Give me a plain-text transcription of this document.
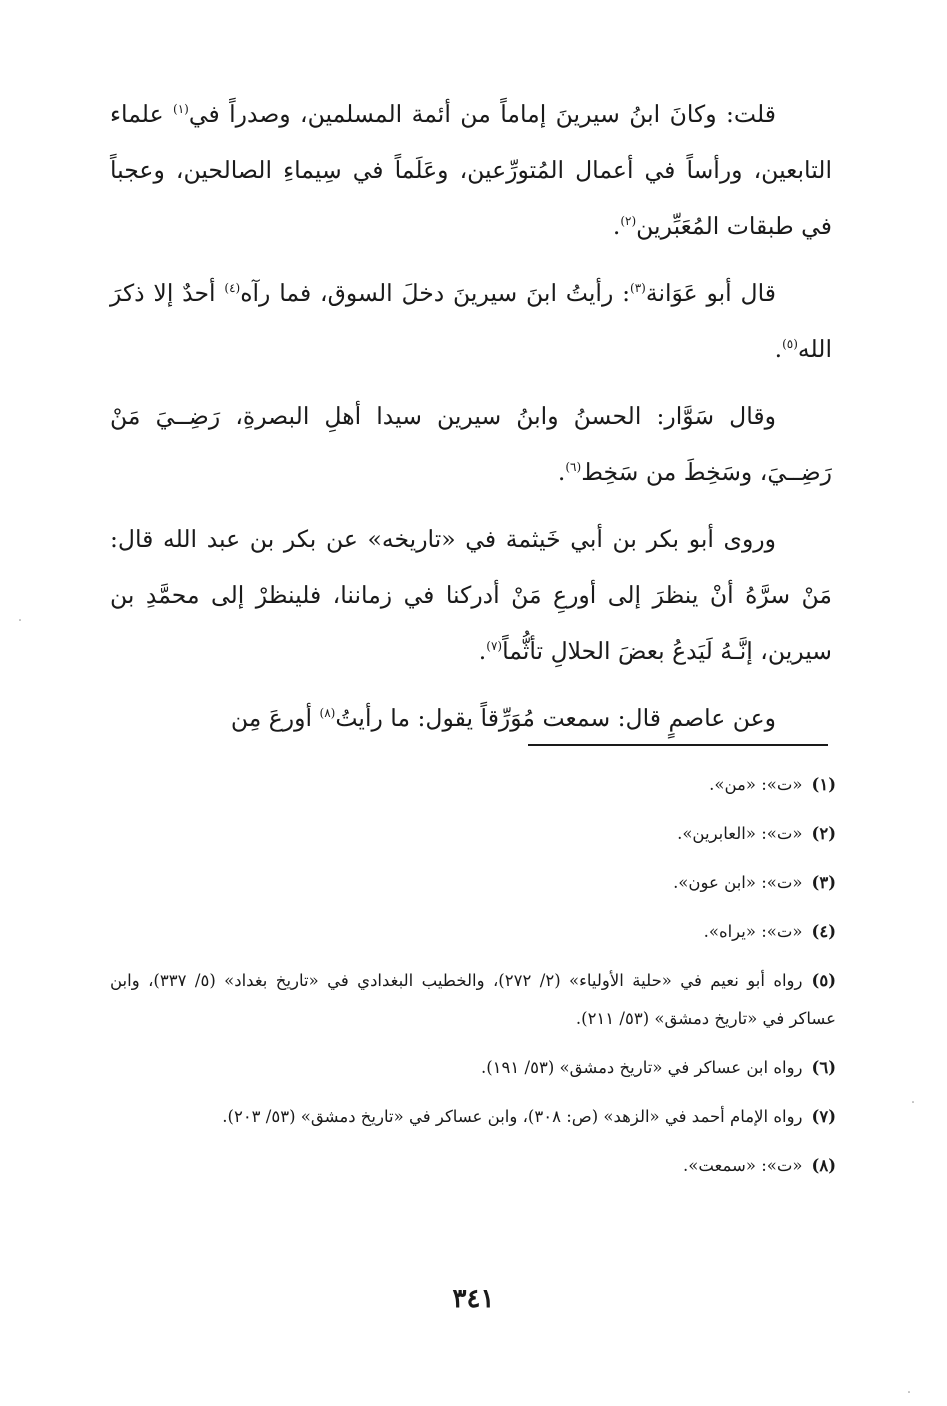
قلت: وكانَ ابنُ سيرينَ إماماً من أئمة المسلمين، وصدراً في$^{(١)}$ علماء التابعين، ورأساً في أعمال المُتورِّعين، وعَلَماً في سِيماءِ الصالحين، وعجباً في طبقات المُعَبِّرين$^{(٢)}$.

قال أبو عَوَانة$^{(٣)}$: رأيتُ ابنَ سيرينَ دخلَ السوق، فما رآه$^{(٤)}$ أحدٌ إلا ذكرَ الله$^{(٥)}$.

وقال سَوَّار: الحسنُ وابنُ سيرين سيدا أهلِ البصرةِ، رَضِــيَ مَنْ رَضِــيَ، وسَخِطَ من سَخِط$^{(٦)}$.

وروى أبو بكر بن أبي خَيثمة في «تاريخه» عن بكر بن عبد الله قال: مَنْ سرَّهُ أنْ ينظرَ إلى أورعِ مَنْ أدركنا في زماننا، فلينظرْ إلى محمَّدِ بن سيرين، إنَّـهُ لَيَدعُ بعضَ الحلالِ تأثُّماً$^{(٧)}$.

وعن عاصمٍ قال: سمعت مُوَرِّقاً يقول: ما رأيتُ$^{(٨)}$ أورعَ مِن

(١)«ت»: «من».
(٢)«ت»: «العابرين».
(٣)«ت»: «ابن عون».
(٤)«ت»: «يراه».
(٥)رواه أبو نعيم في «حلية الأولياء» (٢/ ٢٧٢)، والخطيب البغدادي في «تاريخ بغداد» (٥/ ٣٣٧)، وابن عساكر في «تاريخ دمشق» (٥٣/ ٢١١).
(٦)رواه ابن عساكر في «تاريخ دمشق» (٥٣/ ١٩١).
(٧)رواه الإمام أحمد في «الزهد» (ص: ٣٠٨)، وابن عساكر في «تاريخ دمشق» (٥٣/ ٢٠٣).
(٨)«ت»: «سمعت».
٣٤١
